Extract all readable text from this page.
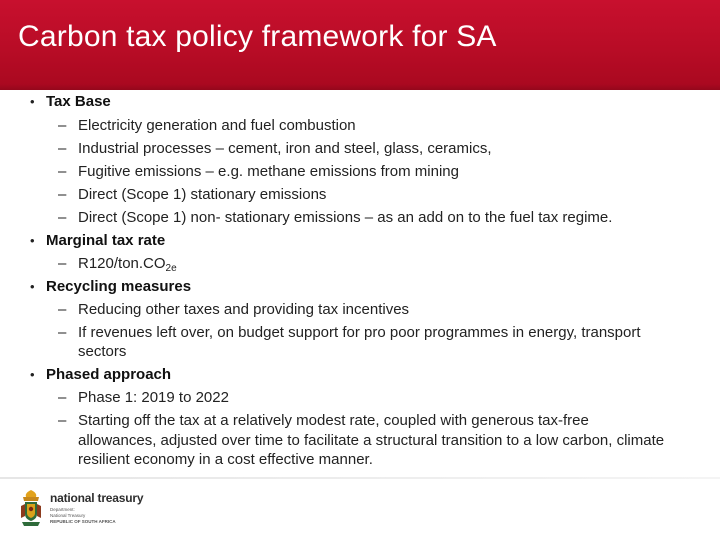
Carbon tax policy framework for SA
• Tax Base
– Electricity generation and fuel combustion
– Industrial processes – cement, iron and steel, glass, ceramics,
– Fugitive emissions – e.g. methane emissions from mining
– Direct (Scope 1) stationary emissions
– Direct (Scope 1) non- stationary emissions – as an add on to the fuel tax regime.
• Marginal tax rate
– $R120/ton.CO_{2e}$
• Recycling measures
– Reducing other taxes and providing tax incentives
– If revenues left over, on budget support for pro poor programmes in energy, transport
sectors
• Phased approach
– Phase 1: 2019 to 2022
– Starting off the tax at a relatively modest rate, coupled with generous tax-free
allowances, adjusted over time to facilitate a structural transition to a low carbon, climate
resilient economy in a cost effective manner.
national treasury
Department:
National Treasury
REPUBLIC OF SOUTH AFRICA
